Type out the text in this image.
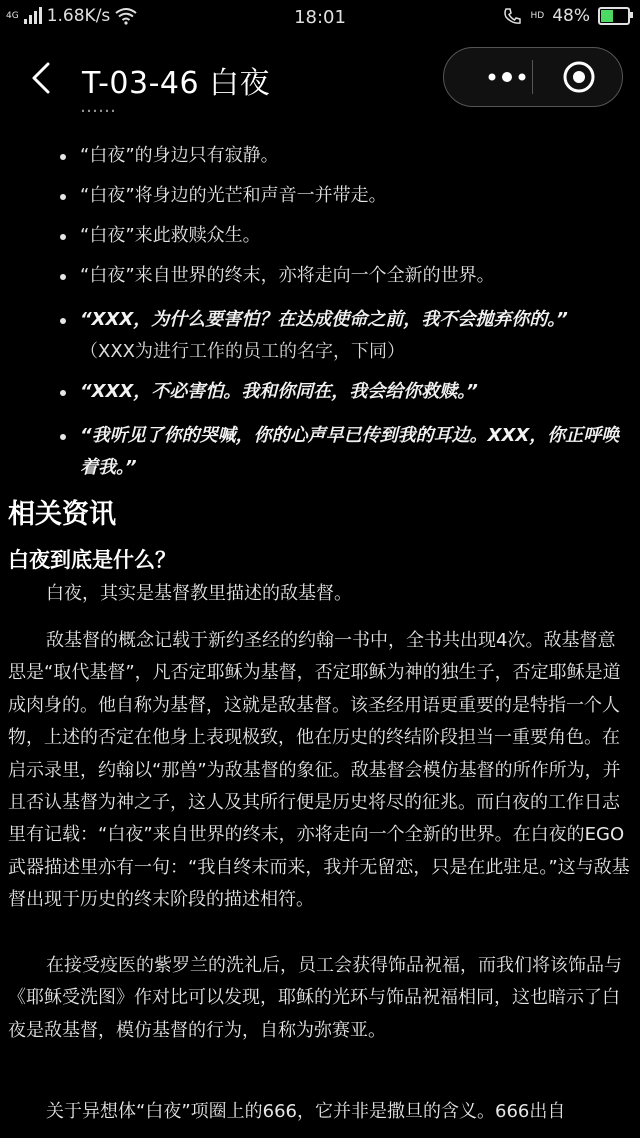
4G 1.68K/s	18:01	HD 48%
T-03-46 白夜
……
“白夜”的身边只有寂静。
“白夜”将身边的光芒和声音一并带走。
“白夜”来此救赎众生。
“白夜”来自世界的终末，亦将走向一个全新的世界。
“XXX，为什么要害怕？在达成使命之前，我不会抛弃你的。”
（XXX为进行工作的员工的名字，下同）
“XXX，不必害怕。我和你同在，我会给你救赎。”
“我听见了你的哭喊，你的心声早已传到我的耳边。XXX，你正呼唤着我。”
相关资讯
白夜到底是什么？

白夜，其实是基督教里描述的敌基督。

敌基督的概念记载于新约圣经的约翰一书中，全书共出现4次。敌基督意思是“取代基督”，凡否定耶稣为基督，否定耶稣为神的独生子，否定耶稣是道成肉身的。他自称为基督，这就是敌基督。该圣经用语更重要的是特指一个人物，上述的否定在他身上表现极致，他在历史的终结阶段担当一重要角色。在启示录里，约翰以“那兽”为敌基督的象征。敌基督会模仿基督的所作所为，并且否认基督为神之子，这人及其所行便是历史将尽的征兆。而白夜的工作日志里有记载：“白夜”来自世界的终末，亦将走向一个全新的世界。在白夜的EGO武器描述里亦有一句：“我自终末而来，我并无留恋，只是在此驻足。”这与敌基督出现于历史的终末阶段的描述相符。

在接受疫医的紫罗兰的洗礼后，员工会获得饰品祝福，而我们将该饰品与《耶稣受洗图》作对比可以发现，耶稣的光环与饰品祝福相同，这也暗示了白夜是敌基督，模仿基督的行为，自称为弥赛亚。

关于异想体“白夜”项圈上的666，它并非是撒旦的含义。666出自
